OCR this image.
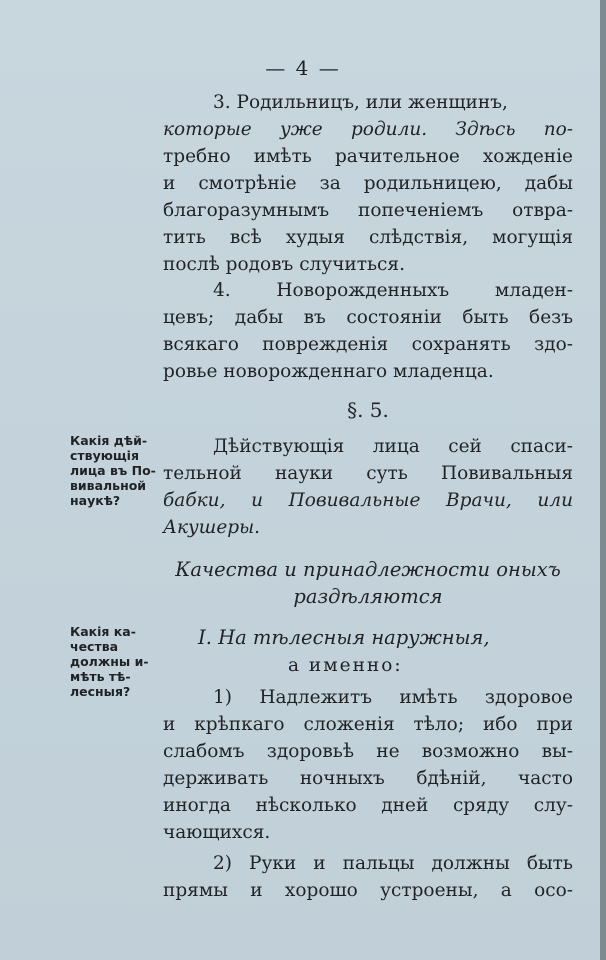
— 4 —
3. Родильницъ, или женщинъ,
которые уже родили. Здѣсь по-
требно имѣть рачительное хожденіе
и смотрѣніе за родильницею, дабы
благоразумнымъ попеченіемъ отвра-
тить всѣ худыя слѣдствія, могущія
послѣ родовъ случиться.
4. Новорожденныхъ младен-
цевъ; дабы въ состояніи быть безъ
всякаго поврежденія сохранять здо-
ровье новорожденнаго младенца.
§. 5.
Какія дѣй-
ствующія
лица въ По-
вивальной
наукѣ?
Дѣйствующія лица сей спаси-
тельной науки суть Повивальныя
бабки, и Повивальные Врачи, или
Акушеры.
Качества и принадлежности оныхъ
раздѣляются
Какія ка-
чества
должны и-
мѣть тѣ-
лесныя?
I. На тѣлесныя наружныя,
а именно:
1) Надлежитъ имѣть здоровое
и крѣпкаго сложенія тѣло; ибо при
слабомъ здоровьѣ не возможно вы-
держивать ночныхъ бдѣній, часто
иногда нѣсколько дней сряду слу-
чающихся.
2) Руки и пальцы должны быть
прямы и хорошо устроены, а осо-
